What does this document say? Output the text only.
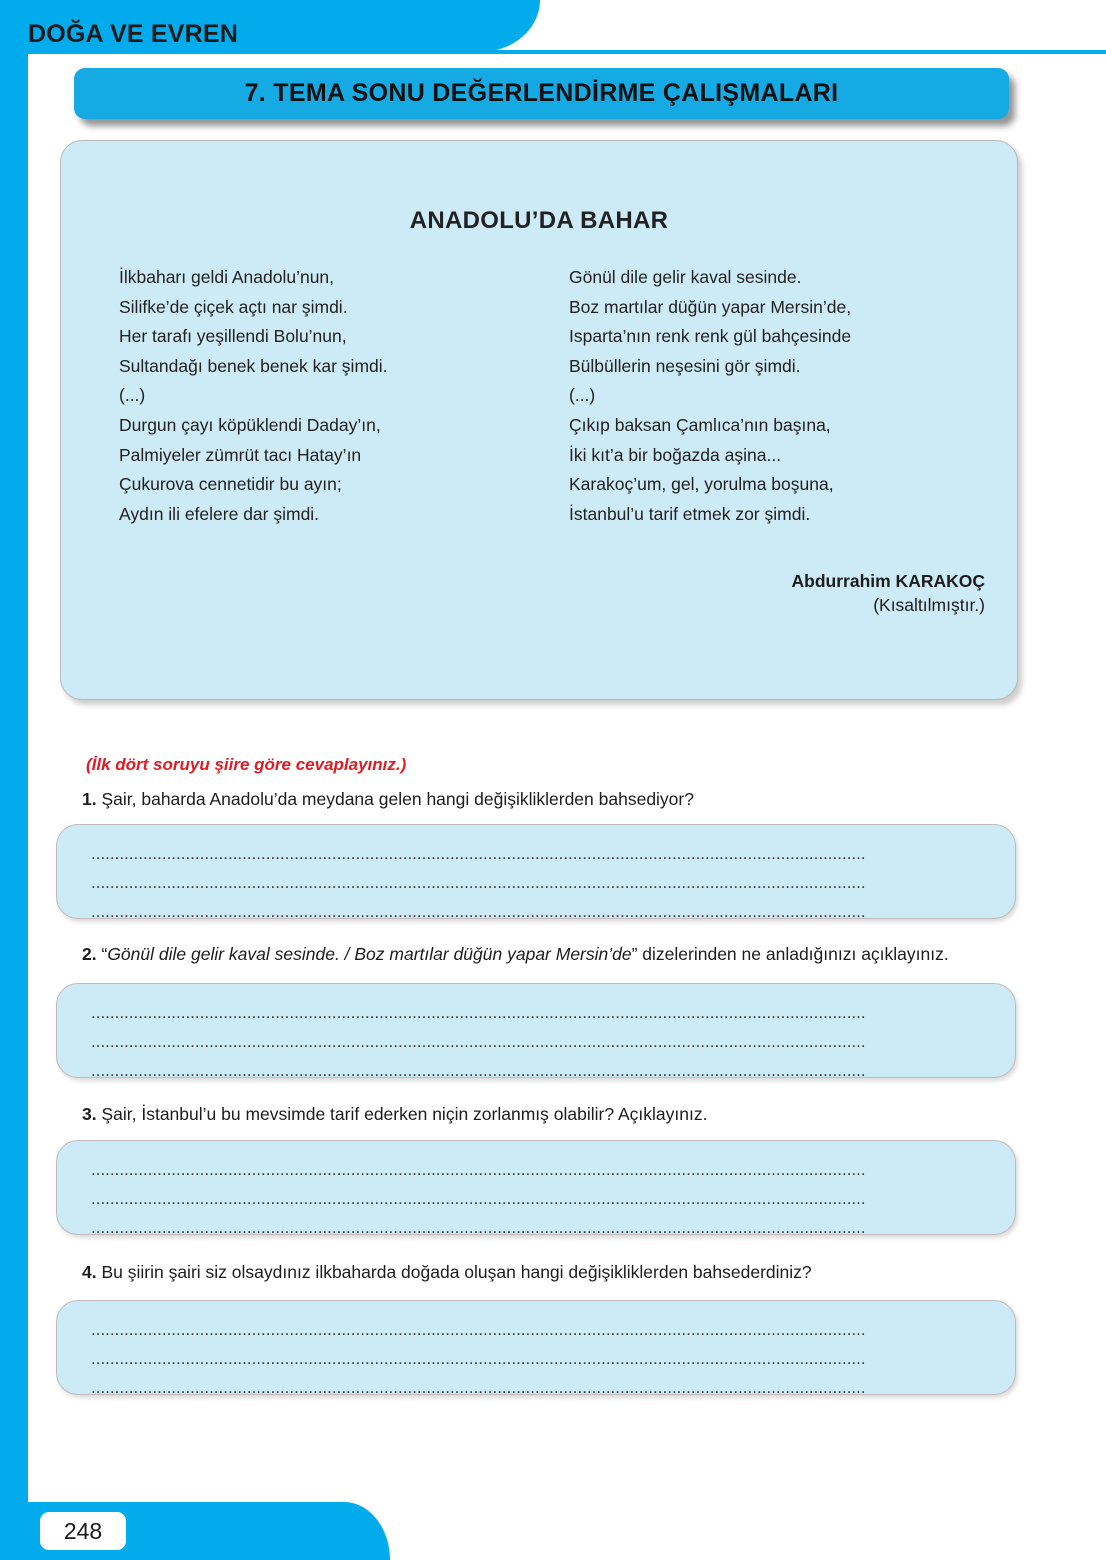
DOĞA VE EVREN
7. TEMA SONU DEĞERLENDİRME ÇALIŞMALARI
ANADOLU’DA BAHAR
İlkbaharı geldi Anadolu’nun,
Silifke’de çiçek açtı nar şimdi.
Her tarafı yeşillendi Bolu’nun,
Sultandağı benek benek kar şimdi.
(...)
Durgun çayı köpüklendi Daday’ın,
Palmiyeler zümrüt tacı Hatay’ın
Çukurova cennetidir bu ayın;
Aydın ili efelere dar şimdi.
Gönül dile gelir kaval sesinde.
Boz martılar düğün yapar Mersin’de,
Isparta’nın renk renk gül bahçesinde
Bülbüllerin neşesini gör şimdi.
(...)
Çıkıp baksan Çamlıca’nın başına,
İki kıt’a bir boğazda aşina...
Karakoç’um, gel, yorulma boşuna,
İstanbul’u tarif etmek zor şimdi.
Abdurrahim KARAKOÇ
(Kısaltılmıştır.)
(İlk dört soruyu şiire göre cevaplayınız.)
1. Şair, baharda Anadolu’da meydana gelen hangi değişikliklerden bahsediyor?
....................................................................................................................................................................
....................................................................................................................................................................
....................................................................................................................................................................
2. “Gönül dile gelir kaval sesinde. / Boz martılar düğün yapar Mersin’de” dizelerinden ne anladığınızı açıklayınız.
....................................................................................................................................................................
....................................................................................................................................................................
....................................................................................................................................................................
3. Şair, İstanbul’u bu mevsimde tarif ederken niçin zorlanmış olabilir? Açıklayınız.
....................................................................................................................................................................
....................................................................................................................................................................
....................................................................................................................................................................
4. Bu şiirin şairi siz olsaydınız ilkbaharda doğada oluşan hangi değişikliklerden bahsederdiniz?
....................................................................................................................................................................
....................................................................................................................................................................
....................................................................................................................................................................
248
